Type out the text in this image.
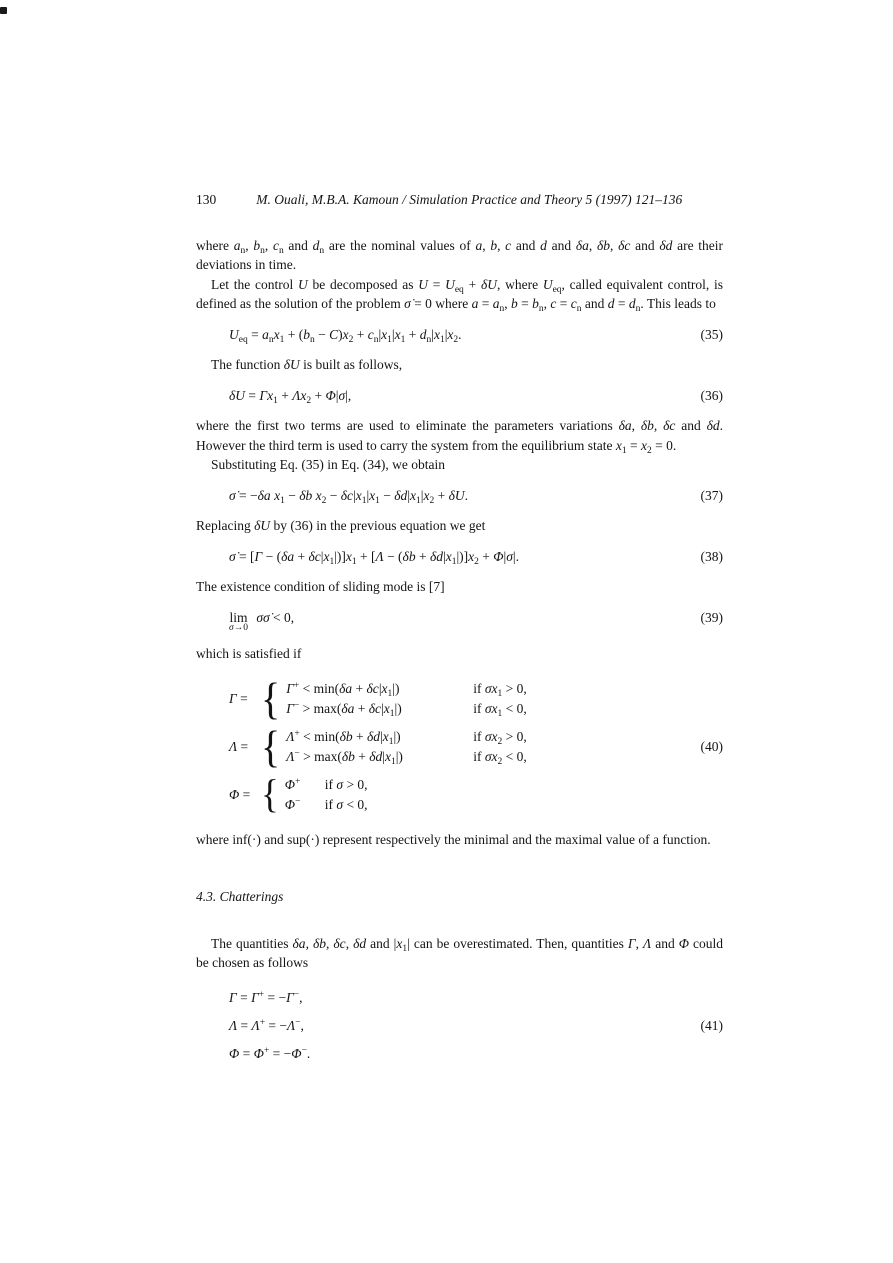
130	M. Ouali, M.B.A. Kamoun / Simulation Practice and Theory 5 (1997) 121–136

where $a_n$, $b_n$, $c_n$ and $d_n$ are the nominal values of a, b, c and d and δa, δb, δc and δd are their deviations in time.

Let the control U be decomposed as $U = U_{eq} + \delta U$, where $U_{eq}$, called equivalent control, is defined as the solution of the problem σ̇ = 0 where $a = a_n$, $b = b_n$, $c = c_n$ and $d = d_n$. This leads to

$U_{eq} = a_nx_1 + (b_n - C)x_2 + c_n|x_1|x_1 + d_n|x_1|x_2$.	(35)

The function δU is built as follows,

$\delta U = \Gamma x_1 + \Lambda x_2 + \Phi|\sigma|$,	(36)

where the first two terms are used to eliminate the parameters variations δa, δb, δc and δd. However the third term is used to carry the system from the equilibrium state $x_1 = x_2 = 0$.

Substituting Eq. (35) in Eq. (34), we obtain

σ̇ = −δa $x_1 - \delta b$ $x_2 - \delta c|x_1|x_1 - \delta d|x_1|x_2 + \delta U$.	(37)

Replacing δU by (36) in the previous equation we get

σ̇ = $[\Gamma - (\delta a + \delta c|x_1|)]x_1 + [\Lambda - (\delta b + \delta d|x_1|)]x_2 + \Phi|\sigma|$.	(38)

The existence condition of sliding mode is [7]

lim
σ→0
σσ̇ < 0,	(39)

which is satisfied if

Γ = { $\Gamma^+ < \min(\delta a + \delta c|x_1|)$	if $\sigma x_1 > 0$,
$\Gamma^- > \max(\delta a + \delta c|x_1|)$	if $\sigma x_1 < 0$,
Λ = { $\Lambda^+ < \min(\delta b + \delta d|x_1|)$	if $\sigma x_2 > 0$,
$\Lambda^- > \max(\delta b + \delta d|x_1|)$	if $\sigma x_2 < 0$,
Φ = { Φ+	if σ > 0,
Φ−	if σ < 0,
(40)

where inf(·) and sup(·) represent respectively the minimal and the maximal value of a function.

4.3. Chatterings

The quantities δa, δb, δc, δd and $|x_1|$ can be overestimated. Then, quantities Γ, Λ and Φ could be chosen as follows

Γ = Γ+ = −Γ−,
Λ = Λ+ = −Λ−,
Φ = Φ+ = −Φ−.
(41)
